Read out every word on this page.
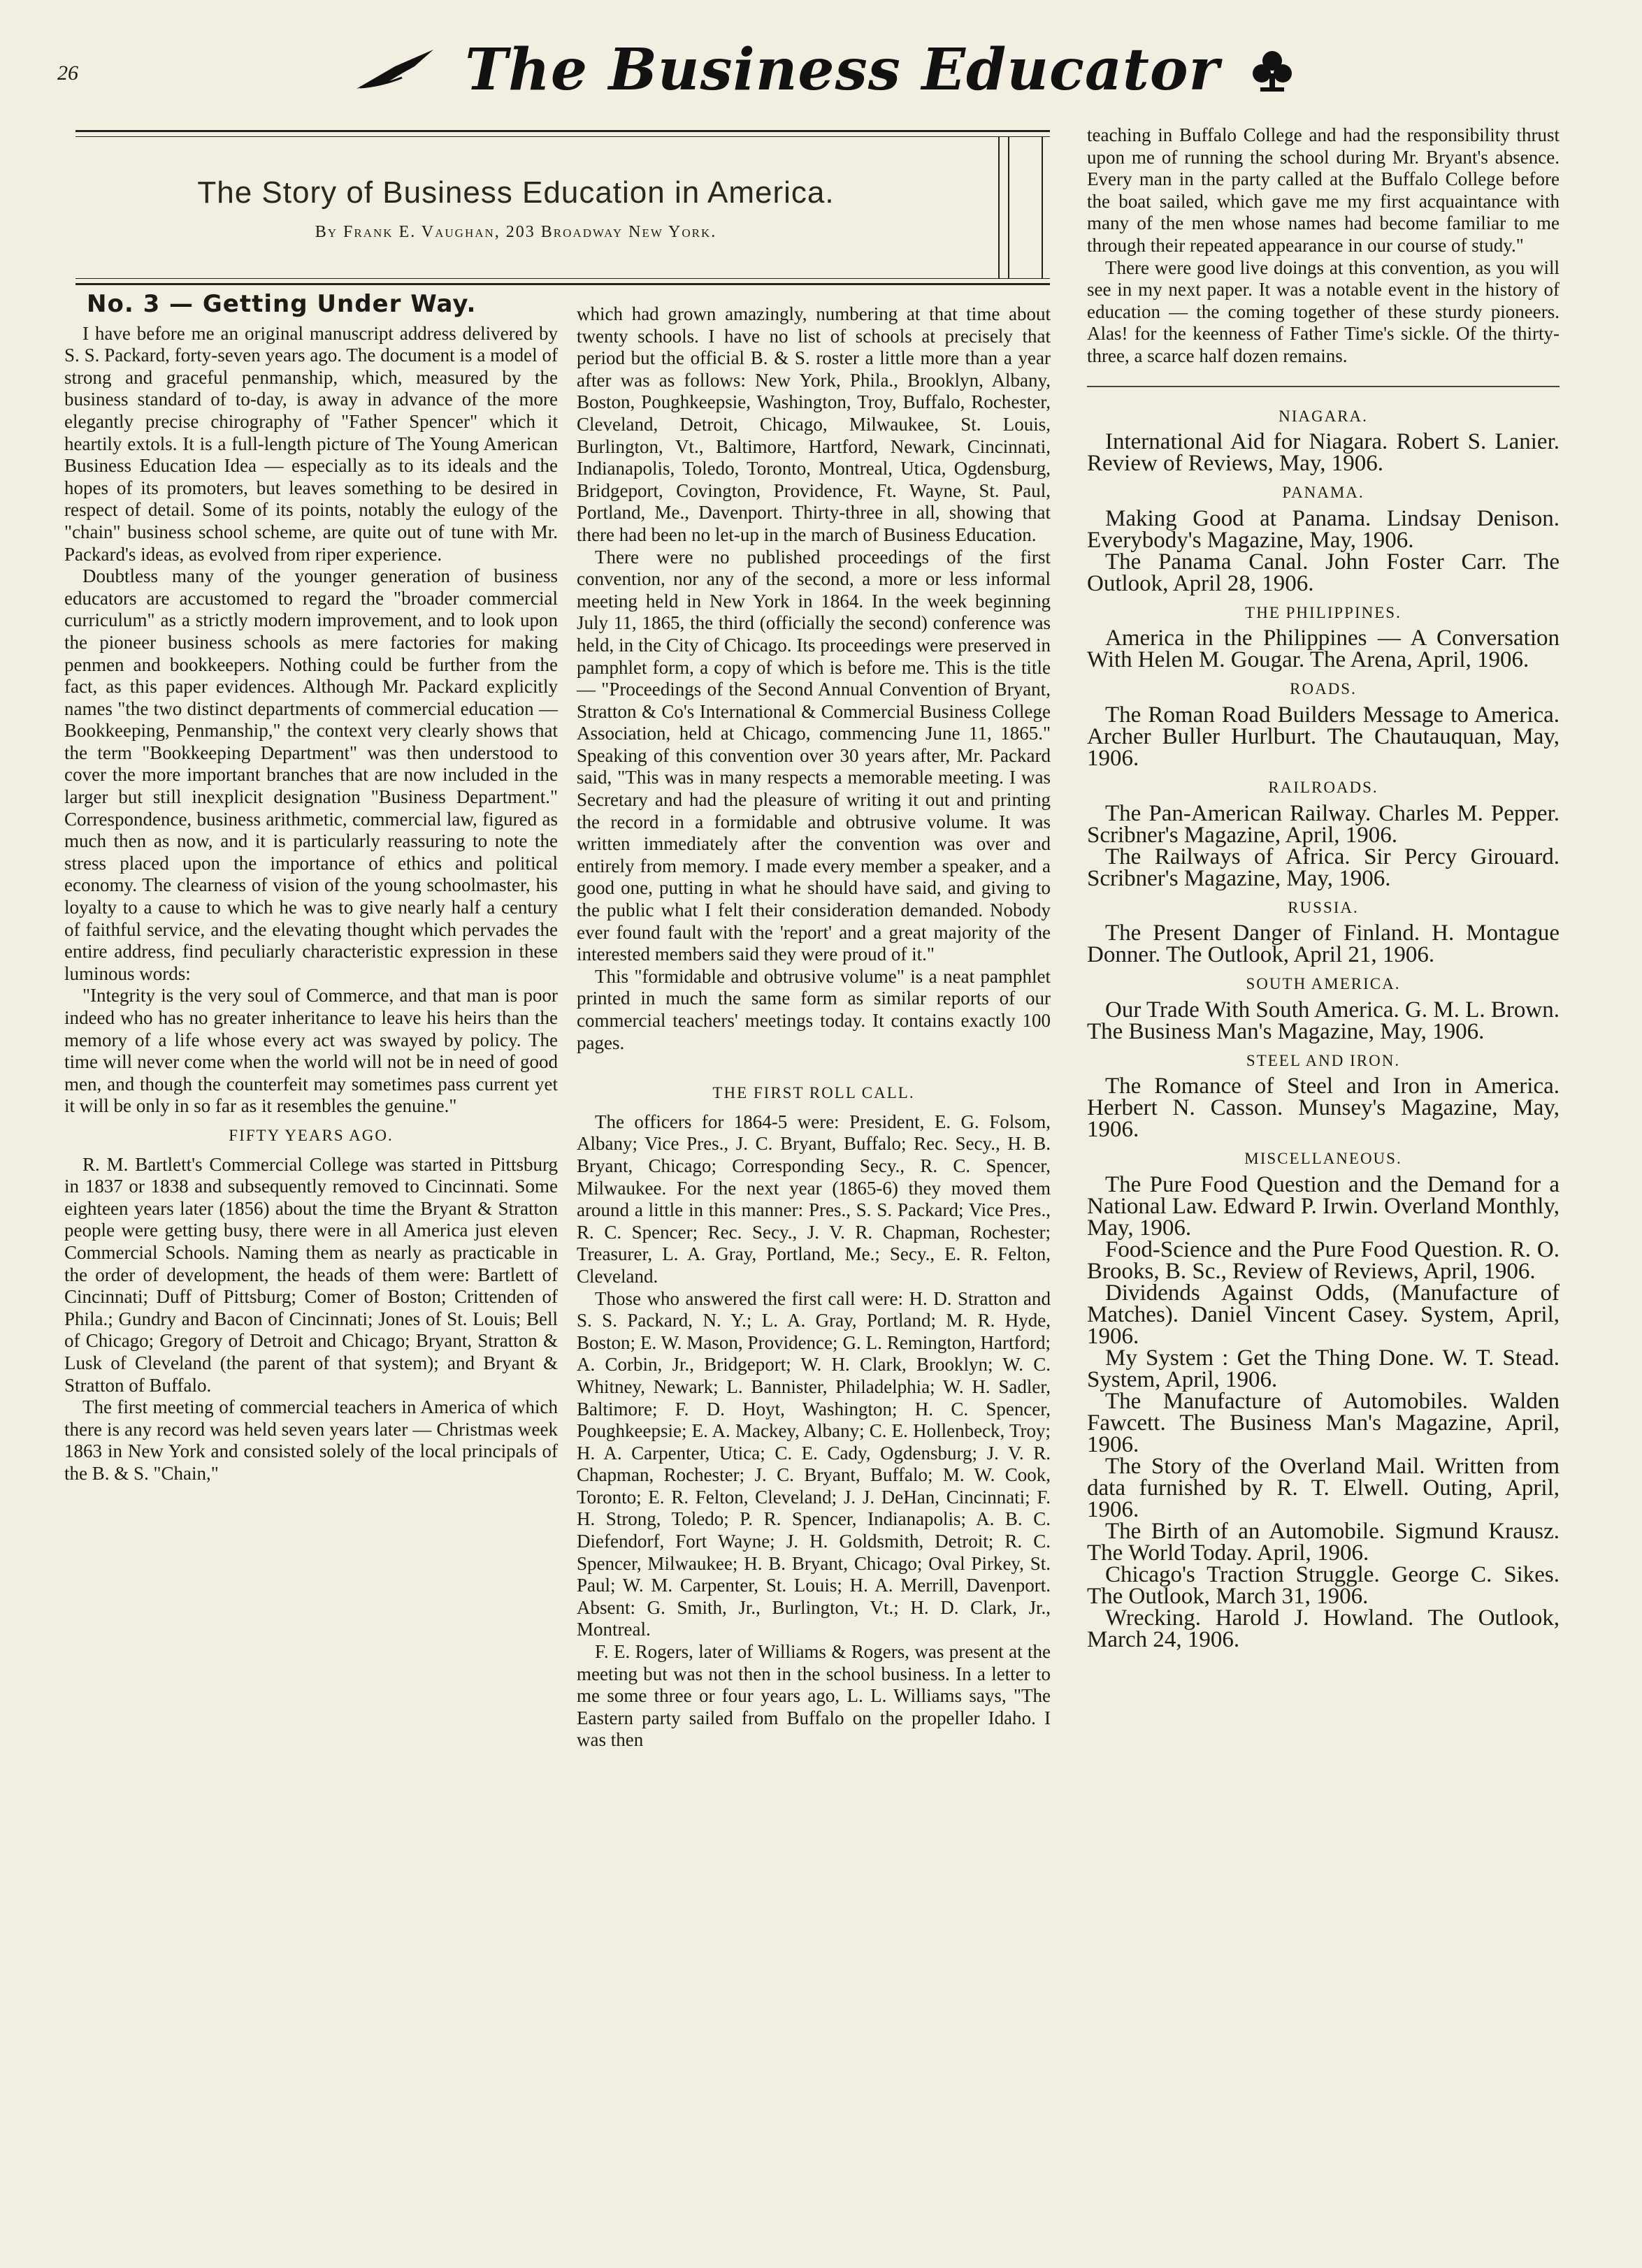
26	The Business Educator
The Story of Business Education in America.
By Frank E. Vaughan, 203 Broadway New York.
No. 3 — Getting Under Way.

I have before me an original manuscript address delivered by S. S. Packard, forty-seven years ago. The document is a model of strong and graceful penmanship, which, measured by the business standard of to-day, is away in advance of the more elegantly precise chirography of "Father Spencer" which it heartily extols. It is a full-length picture of The Young American Business Education Idea — especially as to its ideals and the hopes of its promoters, but leaves something to be desired in respect of detail. Some of its points, notably the eulogy of the "chain" business school scheme, are quite out of tune with Mr. Packard's ideas, as evolved from riper experience.

Doubtless many of the younger generation of business educators are accustomed to regard the "broader commercial curriculum" as a strictly modern improvement, and to look upon the pioneer business schools as mere factories for making penmen and bookkeepers. Nothing could be further from the fact, as this paper evidences. Although Mr. Packard explicitly names "the two distinct departments of commercial education — Bookkeeping, Penmanship," the context very clearly shows that the term "Bookkeeping Department" was then understood to cover the more important branches that are now included in the larger but still inexplicit designation "Business Department." Correspondence, business arithmetic, commercial law, figured as much then as now, and it is particularly reassuring to note the stress placed upon the importance of ethics and political economy. The clearness of vision of the young schoolmaster, his loyalty to a cause to which he was to give nearly half a century of faithful service, and the elevating thought which pervades the entire address, find peculiarly characteristic expression in these luminous words:

"Integrity is the very soul of Commerce, and that man is poor indeed who has no greater inheritance to leave his heirs than the memory of a life whose every act was swayed by policy. The time will never come when the world will not be in need of good men, and though the counterfeit may sometimes pass current yet it will be only in so far as it resembles the genuine."

FIFTY YEARS AGO.

R. M. Bartlett's Commercial College was started in Pittsburg in 1837 or 1838 and subsequently removed to Cincinnati. Some eighteen years later (1856) about the time the Bryant & Stratton people were getting busy, there were in all America just eleven Commercial Schools. Naming them as nearly as practicable in the order of development, the heads of them were: Bartlett of Cincinnati; Duff of Pittsburg; Comer of Boston; Crittenden of Phila.; Gundry and Bacon of Cincinnati; Jones of St. Louis; Bell of Chicago; Gregory of Detroit and Chicago; Bryant, Stratton & Lusk of Cleveland (the parent of that system); and Bryant & Stratton of Buffalo.

The first meeting of commercial teachers in America of which there is any record was held seven years later — Christmas week 1863 in New York and consisted solely of the local principals of the B. & S. "Chain,"

which had grown amazingly, numbering at that time about twenty schools. I have no list of schools at precisely that period but the official B. & S. roster a little more than a year after was as follows: New York, Phila., Brooklyn, Albany, Boston, Poughkeepsie, Washington, Troy, Buffalo, Rochester, Cleveland, Detroit, Chicago, Milwaukee, St. Louis, Burlington, Vt., Baltimore, Hartford, Newark, Cincinnati, Indianapolis, Toledo, Toronto, Montreal, Utica, Ogdensburg, Bridgeport, Covington, Providence, Ft. Wayne, St. Paul, Portland, Me., Davenport. Thirty-three in all, showing that there had been no let-up in the march of Business Education.

There were no published proceedings of the first convention, nor any of the second, a more or less informal meeting held in New York in 1864. In the week beginning July 11, 1865, the third (officially the second) conference was held, in the City of Chicago. Its proceedings were preserved in pamphlet form, a copy of which is before me. This is the title — "Proceedings of the Second Annual Convention of Bryant, Stratton & Co's International & Commercial Business College Association, held at Chicago, commencing June 11, 1865." Speaking of this convention over 30 years after, Mr. Packard said, "This was in many respects a memorable meeting. I was Secretary and had the pleasure of writing it out and printing the record in a formidable and obtrusive volume. It was written immediately after the convention was over and entirely from memory. I made every member a speaker, and a good one, putting in what he should have said, and giving to the public what I felt their consideration demanded. Nobody ever found fault with the 'report' and a great majority of the interested members said they were proud of it."

This "formidable and obtrusive volume" is a neat pamphlet printed in much the same form as similar reports of our commercial teachers' meetings today. It contains exactly 100 pages.

THE FIRST ROLL CALL.

The officers for 1864-5 were: President, E. G. Folsom, Albany; Vice Pres., J. C. Bryant, Buffalo; Rec. Secy., H. B. Bryant, Chicago; Corresponding Secy., R. C. Spencer, Milwaukee. For the next year (1865-6) they moved them around a little in this manner: Pres., S. S. Packard; Vice Pres., R. C. Spencer; Rec. Secy., J. V. R. Chapman, Rochester; Treasurer, L. A. Gray, Portland, Me.; Secy., E. R. Felton, Cleveland.

Those who answered the first call were: H. D. Stratton and S. S. Packard, N. Y.; L. A. Gray, Portland; M. R. Hyde, Boston; E. W. Mason, Providence; G. L. Remington, Hartford; A. Corbin, Jr., Bridgeport; W. H. Clark, Brooklyn; W. C. Whitney, Newark; L. Bannister, Philadelphia; W. H. Sadler, Baltimore; F. D. Hoyt, Washington; H. C. Spencer, Poughkeepsie; E. A. Mackey, Albany; C. E. Hollenbeck, Troy; H. A. Carpenter, Utica; C. E. Cady, Ogdensburg; J. V. R. Chapman, Rochester; J. C. Bryant, Buffalo; M. W. Cook, Toronto; E. R. Felton, Cleveland; J. J. DeHan, Cincinnati; F. H. Strong, Toledo; P. R. Spencer, Indianapolis; A. B. C. Diefendorf, Fort Wayne; J. H. Goldsmith, Detroit; R. C. Spencer, Milwaukee; H. B. Bryant, Chicago; Oval Pirkey, St. Paul; W. M. Carpenter, St. Louis; H. A. Merrill, Davenport. Absent: G. Smith, Jr., Burlington, Vt.; H. D. Clark, Jr., Montreal.

F. E. Rogers, later of Williams & Rogers, was present at the meeting but was not then in the school business. In a letter to me some three or four years ago, L. L. Williams says, "The Eastern party sailed from Buffalo on the propeller Idaho. I was then

teaching in Buffalo College and had the responsibility thrust upon me of running the school during Mr. Bryant's absence. Every man in the party called at the Buffalo College before the boat sailed, which gave me my first acquaintance with many of the men whose names had become familiar to me through their repeated appearance in our course of study."

There were good live doings at this convention, as you will see in my next paper. It was a notable event in the history of education — the coming together of these sturdy pioneers. Alas! for the keenness of Father Time's sickle. Of the thirty-three, a scarce half dozen remains.

NIAGARA.

International Aid for Niagara. Robert S. Lanier. Review of Reviews, May, 1906.

PANAMA.

Making Good at Panama. Lindsay Denison. Everybody's Magazine, May, 1906.

The Panama Canal. John Foster Carr. The Outlook, April 28, 1906.

THE PHILIPPINES.

America in the Philippines — A Conversation With Helen M. Gougar. The Arena, April, 1906.

ROADS.

The Roman Road Builders Message to America. Archer Buller Hurlburt. The Chautauquan, May, 1906.

RAILROADS.

The Pan-American Railway. Charles M. Pepper. Scribner's Magazine, April, 1906.

The Railways of Africa. Sir Percy Girouard. Scribner's Magazine, May, 1906.

RUSSIA.

The Present Danger of Finland. H. Montague Donner. The Outlook, April 21, 1906.

SOUTH AMERICA.

Our Trade With South America. G. M. L. Brown. The Business Man's Magazine, May, 1906.

STEEL AND IRON.

The Romance of Steel and Iron in America. Herbert N. Casson. Munsey's Magazine, May, 1906.

MISCELLANEOUS.

The Pure Food Question and the Demand for a National Law. Edward P. Irwin. Overland Monthly, May, 1906.

Food-Science and the Pure Food Question. R. O. Brooks, B. Sc., Review of Reviews, April, 1906.

Dividends Against Odds, (Manufacture of Matches). Daniel Vincent Casey. System, April, 1906.

My System : Get the Thing Done. W. T. Stead. System, April, 1906.

The Manufacture of Automobiles. Walden Fawcett. The Business Man's Magazine, April, 1906.

The Story of the Overland Mail. Written from data furnished by R. T. Elwell. Outing, April, 1906.

The Birth of an Automobile. Sigmund Krausz. The World Today. April, 1906.

Chicago's Traction Struggle. George C. Sikes. The Outlook, March 31, 1906.

Wrecking. Harold J. Howland. The Outlook, March 24, 1906.
